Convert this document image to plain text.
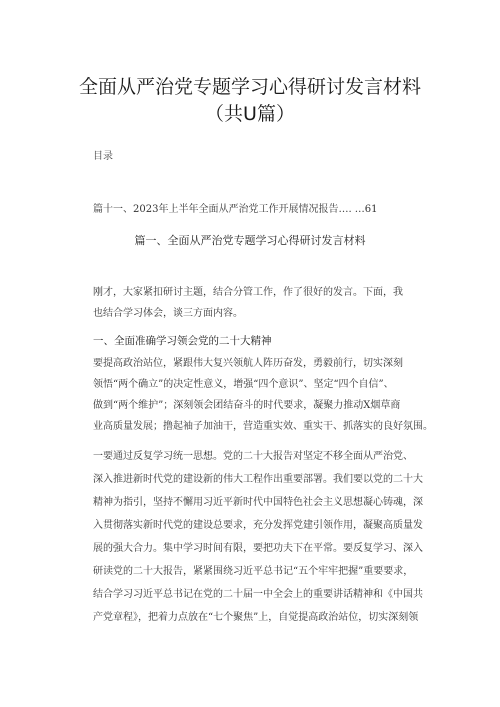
全面从严治党专题学习心得研讨发言材料
（共U篇）
目录
篇十一、2023年上半年全面从严治党工作开展情况报告…. …61
篇一、全面从严治党专题学习心得研讨发言材料
刚才，大家紧扣研讨主题，结合分管工作，作了很好的发言。下面，我
也结合学习体会，谈三方面内容。
一、全面准确学习领会党的二十大精神
要提高政治站位，紧跟伟大复兴领航人阵历奋发，勇毅前行，切实深刻
领悟“两个确立”的决定性意义，增强“四个意识”、坚定“四个自信”、
做到“两个维护”；深刻领会团结奋斗的时代要求，凝聚力推动X烟草商
业高质量发展；撸起袖子加油干，营造重实效、重实干、抓落实的良好氛围。
一要通过反复学习统一思想。党的二十大报告对坚定不移全面从严治党、
深入推进新时代党的建设新的伟大工程作出重要部署。我们要以党的二十大
精神为指引，坚持不懈用习近平新时代中国特色社会主义思想凝心铸魂，深
入贯彻落实新时代党的建设总要求，充分发挥党建引领作用，凝聚高质量发
展的强大合力。集中学习时间有限，要把功夫下在平常。要反复学习、深入
研读党的二十大报告，紧紧围绕习近平总书记“五个牢牢把握”重要要求，
结合学习习近平总书记在党的二十届一中全会上的重要讲话精神和《中国共
产党章程》，把着力点放在“七个聚焦”上，自觉提高政治站位，切实深刻领
